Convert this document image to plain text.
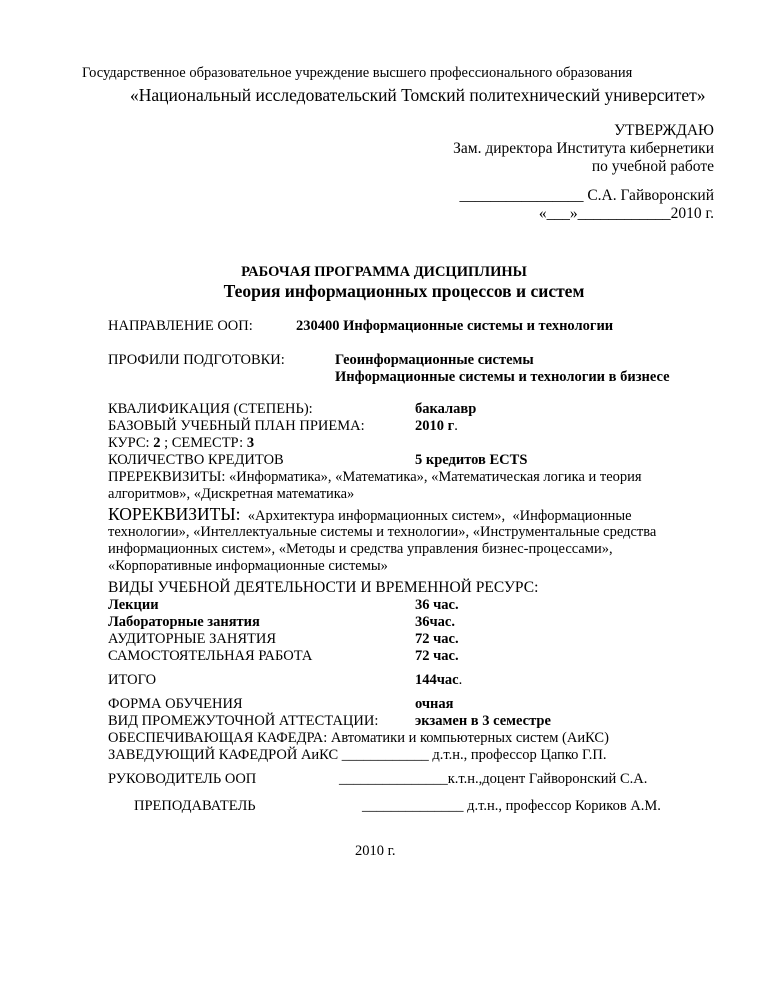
Государственное образовательное учреждение высшего профессионального образования
«Национальный исследовательский Томский политехнический университет»
УТВЕРЖДАЮ
Зам. директора Института кибернетики
по учебной работе
________________ С.А. Гайворонский
«___»____________2010 г.
РАБОЧАЯ ПРОГРАММА ДИСЦИПЛИНЫ
Теория информационных процессов и систем
НАПРАВЛЕНИЕ ООП:	230400 Информационные системы и технологии
ПРОФИЛИ ПОДГОТОВКИ:	Геоинформационные системы
Информационные системы и технологии в бизнесе
КВАЛИФИКАЦИЯ (СТЕПЕНЬ):	бакалавр
БАЗОВЫЙ УЧЕБНЫЙ ПЛАН ПРИЕМА:	2010 г.
КУРС: 2 ; СЕМЕСТР: 3
КОЛИЧЕСТВО КРЕДИТОВ	5 кредитов ECTS
ПРЕРЕКВИЗИТЫ: «Информатика», «Математика», «Математическая логика и теория
алгоритмов», «Дискретная математика»
КОРЕКВИЗИТЫ:  «Архитектура информационных систем»,  «Информационные
технологии», «Интеллектуальные системы и технологии», «Инструментальные средства
информационных систем», «Методы и средства управления бизнес-процессами»,
«Корпоративные информационные системы»
ВИДЫ УЧЕБНОЙ ДЕЯТЕЛЬНОСТИ И ВРЕМЕННОЙ РЕСУРС:
Лекции	36 час.
Лабораторные занятия	36час.
АУДИТОРНЫЕ ЗАНЯТИЯ	72 час.
САМОСТОЯТЕЛЬНАЯ РАБОТА	72 час.
ИТОГО	144час.
ФОРМА ОБУЧЕНИЯ	очная
ВИД ПРОМЕЖУТОЧНОЙ АТТЕСТАЦИИ:	экзамен в 3 семестре
ОБЕСПЕЧИВАЮЩАЯ КАФЕДРА: Автоматики и компьютерных систем (АиКС)
ЗАВЕДУЮЩИЙ КАФЕДРОЙ АиКС ____________ д.т.н., профессор Цапко Г.П.
РУКОВОДИТЕЛЬ ООП	_______________к.т.н.,доцент Гайворонский С.А.
ПРЕПОДАВАТЕЛЬ	______________ д.т.н., профессор Кориков А.М.
2010 г.
